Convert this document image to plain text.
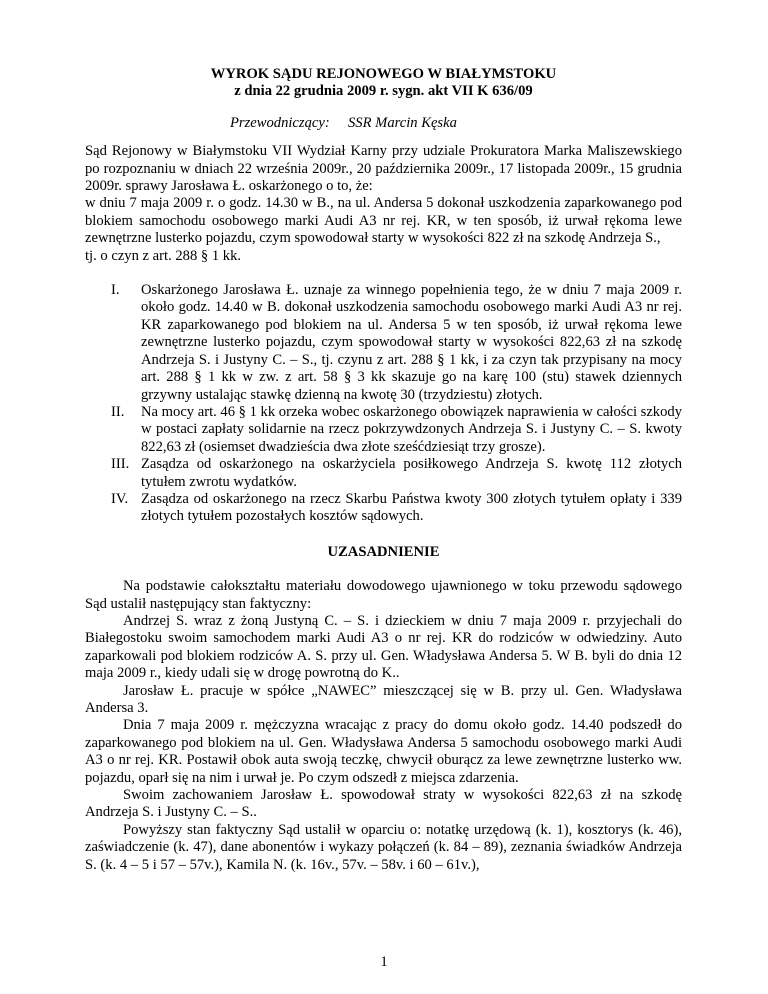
WYROK SĄDU REJONOWEGO W BIAŁYMSTOKU

z dnia 22 grudnia 2009 r. sygn. akt VII K 636/09

Przewodniczący: SSR Marcin Kęska

Sąd Rejonowy w Białymstoku VII Wydział Karny przy udziale Prokuratora Marka Maliszewskiego po rozpoznaniu w dniach 22 września 2009r., 20 października 2009r., 17 listopada 2009r., 15 grudnia 2009r. sprawy Jarosława Ł. oskarżonego o to, że:

w dniu 7 maja 2009 r. o godz. 14.30 w B., na ul. Andersa 5 dokonał uszkodzenia zaparkowanego pod blokiem samochodu osobowego marki Audi A3 nr rej. KR, w ten sposób, iż urwał rękoma lewe zewnętrzne lusterko pojazdu, czym spowodował starty w wysokości 822 zł na szkodę Andrzeja S.,

tj. o czyn z art. 288 § 1 kk.

I.	Oskarżonego Jarosława Ł. uznaje za winnego popełnienia tego, że w dniu 7 maja 2009 r. około godz. 14.40 w B. dokonał uszkodzenia samochodu osobowego marki Audi A3 nr rej. KR zaparkowanego pod blokiem na ul. Andersa 5 w ten sposób, iż urwał rękoma lewe zewnętrzne lusterko pojazdu, czym spowodował starty w wysokości 822,63 zł na szkodę Andrzeja S. i Justyny C. – S., tj. czynu z art. 288 § 1 kk, i za czyn tak przypisany na mocy art. 288 § 1 kk w zw. z art. 58 § 3 kk skazuje go na karę 100 (stu) stawek dziennych grzywny ustalając stawkę dzienną na kwotę 30 (trzydziestu) złotych.
II.	Na mocy art. 46 § 1 kk orzeka wobec oskarżonego obowiązek naprawienia w całości szkody w postaci zapłaty solidarnie na rzecz pokrzywdzonych Andrzeja S. i Justyny C. – S. kwoty 822,63 zł (osiemset dwadzieścia dwa złote sześćdziesiąt trzy grosze).
III. Zasądza od oskarżonego na oskarżyciela posiłkowego Andrzeja S. kwotę 112 złotych tytułem zwrotu wydatków.
IV. Zasądza od oskarżonego na rzecz Skarbu Państwa kwoty 300 złotych tytułem opłaty i 339 złotych tytułem pozostałych kosztów sądowych.
UZASADNIENIE

Na podstawie całokształtu materiału dowodowego ujawnionego w toku przewodu sądowego Sąd ustalił następujący stan faktyczny:

Andrzej S. wraz z żoną Justyną C. – S. i dzieckiem w dniu 7 maja 2009 r. przyjechali do Białegostoku swoim samochodem marki Audi A3 o nr rej. KR do rodziców w odwiedziny. Auto zaparkowali pod blokiem rodziców A. S. przy ul. Gen. Władysława Andersa 5. W B. byli do dnia 12 maja 2009 r., kiedy udali się w drogę powrotną do K..

Jarosław Ł. pracuje w spółce „NAWEC” mieszczącej się w B. przy ul. Gen. Władysława Andersa 3.

Dnia 7 maja 2009 r. mężczyzna wracając z pracy do domu około godz. 14.40 podszedł do zaparkowanego pod blokiem na ul. Gen. Władysława Andersa 5 samochodu osobowego marki Audi A3 o nr rej. KR. Postawił obok auta swoją teczkę, chwycił oburącz za lewe zewnętrzne lusterko ww. pojazdu, oparł się na nim i urwał je. Po czym odszedł z miejsca zdarzenia.

Swoim zachowaniem Jarosław Ł. spowodował straty w wysokości 822,63 zł na szkodę Andrzeja S. i Justyny C. – S..

Powyższy stan faktyczny Sąd ustalił w oparciu o: notatkę urzędową (k. 1), kosztorys (k. 46), zaświadczenie (k. 47), dane abonentów i wykazy połączeń (k. 84 – 89), zeznania świadków Andrzeja S. (k. 4 – 5 i 57 – 57v.), Kamila N. (k. 16v., 57v. – 58v. i 60 – 61v.),

1
